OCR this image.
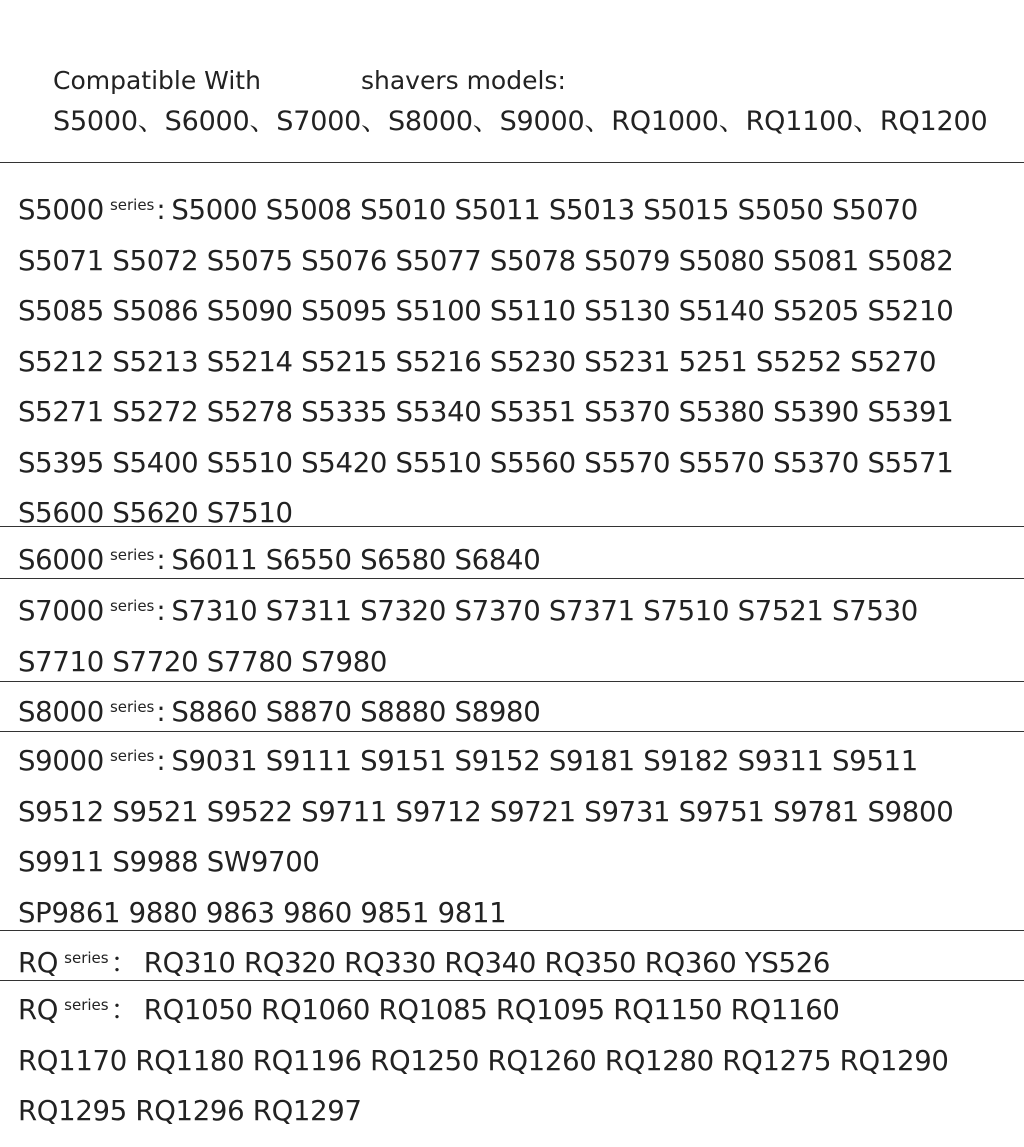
Compatible With	shavers models:
S5000、S6000、S7000、S8000、S9000、RQ1000、RQ1100、RQ1200
S5000 $^{series}$: S5000 S5008 S5010 S5011 S5013 S5015 S5050 S5070
S5071 S5072 S5075 S5076 S5077 S5078 S5079 S5080 S5081 S5082
S5085 S5086 S5090 S5095 S5100 S5110 S5130 S5140 S5205 S5210
S5212 S5213 S5214 S5215 S5216 S5230 S5231 5251 S5252 S5270
S5271 S5272 S5278 S5335 S5340 S5351 S5370 S5380 S5390 S5391
S5395 S5400 S5510 S5420 S5510 S5560 S5570 S5570 S5370 S5571
S5600 S5620 S7510
S6000 $^{series}$: S6011 S6550 S6580 S6840
S7000 $^{series}$: S7310 S7311 S7320 S7370 S7371 S7510 S7521 S7530
S7710 S7720 S7780 S7980
S8000 $^{series}$: S8860 S8870 S8880 S8980
S9000 $^{series}$: S9031 S9111 S9151 S9152 S9181 S9182 S9311 S9511
S9512 S9521 S9522 S9711 S9712 S9721 S9731 S9751 S9781 S9800
S9911 S9988 SW9700
SP9861 9880 9863 9860 9851 9811
RQ $^{series}$： RQ310 RQ320 RQ330 RQ340 RQ350 RQ360 YS526
RQ $^{series}$： RQ1050 RQ1060 RQ1085 RQ1095 RQ1150 RQ1160
RQ1170 RQ1180 RQ1196 RQ1250 RQ1260 RQ1280 RQ1275 RQ1290
RQ1295 RQ1296 RQ1297
